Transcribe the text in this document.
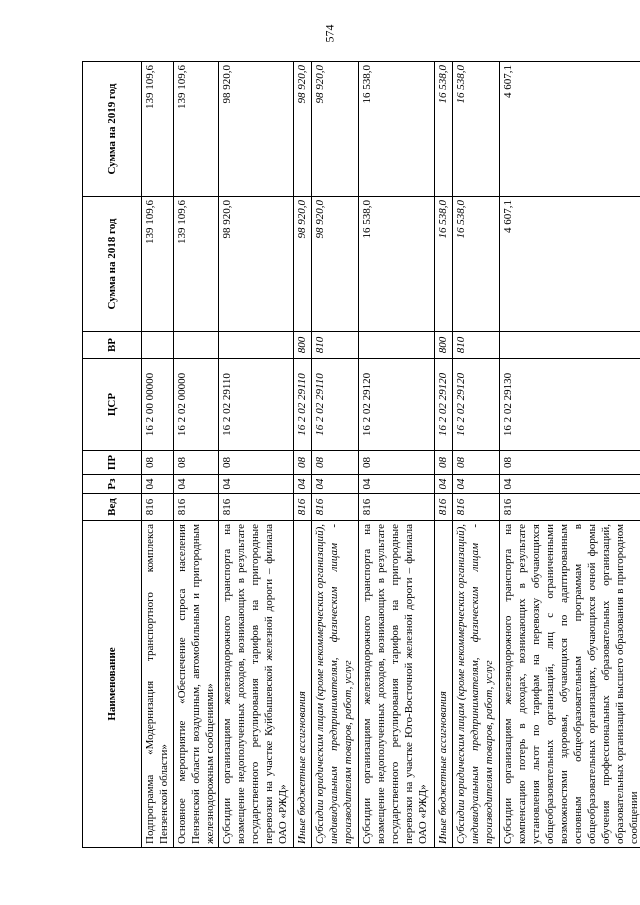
574
Наименование	Вед	Рз	ПР	ЦСР	ВР	Сумма на 2018 год	Сумма на 2019 год
Подпрограмма «Модернизация транспортного комплекса Пензенской области»	816	04	08	16 2 00 00000		139 109,6	139 109,6
Основное мероприятие «Обеспечение спроса населения Пензенской области воздушным, автомобильным и пригородным железнодорожным сообщениями»	816	04	08	16 2 02 00000		139 109,6	139 109,6
Субсидии организациям железнодорожного транспорта на возмещение недополученных доходов, возникающих в результате государственного регулирования тарифов на пригородные перевозки на участке Куйбышевской железной дороги – филиала ОАО «РЖД»	816	04	08	16 2 02 29110		98 920,0	98 920,0
Иные бюджетные ассигнования	816	04	08	16 2 02 29110	800	98 920,0	98 920,0
Субсидии юридическим лицам (кроме некоммерческих организаций), индивидуальным предпринимателям, физическим лицам - производителям товаров, работ, услуг	816	04	08	16 2 02 29110	810	98 920,0	98 920,0
Субсидии организациям железнодорожного транспорта на возмещение недополученных доходов, возникающих в результате государственного регулирования тарифов на пригородные перевозки на участке Юго-Восточной железной дороги – филиала ОАО «РЖД»	816	04	08	16 2 02 29120		16 538,0	16 538,0
Иные бюджетные ассигнования	816	04	08	16 2 02 29120	800	16 538,0	16 538,0
Субсидии юридическим лицам (кроме некоммерческих организаций), индивидуальным предпринимателям, физическим лицам - производителям товаров, работ, услуг	816	04	08	16 2 02 29120	810	16 538,0	16 538,0
Субсидии организациям железнодорожного транспорта на компенсацию потерь в доходах, возникающих в результате установления льгот по тарифам на перевозку обучающихся общеобразовательных организаций, лиц с ограниченными возможностями здоровья, обучающихся по адаптированным основным общеобразовательным программам в общеобразовательных организациях, обучающихся очной формы обучения профессиональных образовательных организаций, образовательных организаций высшего образования в пригородном сообщении	816	04	08	16 2 02 29130		4 607,1	4 607,1
